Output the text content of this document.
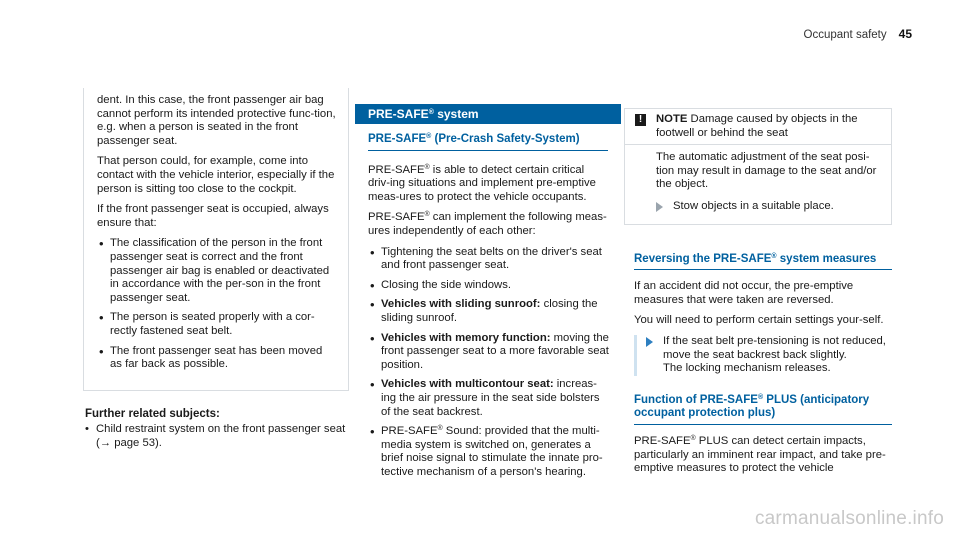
Occupant safety 45

dent. In this case, the front passenger air bag cannot perform its intended protective func-tion, e.g. when a person is seated in the front passenger seat.

That person could, for example, come into contact with the vehicle interior, especially if the person is sitting too close to the cockpit.

If the front passenger seat is occupied, always ensure that:

• The classification of the person in the front passenger seat is correct and the front passenger air bag is enabled or deactivated in accordance with the per-son in the front passenger seat.
• The person is seated properly with a cor-rectly fastened seat belt.
• The front passenger seat has been moved as far back as possible.
Further related subjects:
• Child restraint system on the front passenger seat (→ page 53).
PRE-SAFE® system
PRE-SAFE® (Pre-Crash Safety-System)

PRE-SAFE® is able to detect certain critical driv-ing situations and implement pre-emptive meas-ures to protect the vehicle occupants.

PRE-SAFE® can implement the following meas-ures independently of each other:

• Tightening the seat belts on the driver's seat and front passenger seat.
• Closing the side windows.
• Vehicles with sliding sunroof: closing the sliding sunroof.
• Vehicles with memory function: moving the front passenger seat to a more favorable seat position.
• Vehicles with multicontour seat: increas-ing the air pressure in the seat side bolsters of the seat backrest.
• PRE-SAFE® Sound: provided that the multi-media system is switched on, generates a brief noise signal to stimulate the innate pro-tective mechanism of a person's hearing.
!	NOTE Damage caused by objects in the footwell or behind the seat

The automatic adjustment of the seat posi-tion may result in damage to the seat and/or the object.

Stow objects in a suitable place.
Reversing the PRE-SAFE® system measures

If an accident did not occur, the pre-emptive measures that were taken are reversed.

You will need to perform certain settings your-self.

If the seat belt pre-tensioning is not reduced, move the seat backrest back slightly.
The locking mechanism releases.
Function of PRE-SAFE® PLUS (anticipatory occupant protection plus)

PRE-SAFE® PLUS can detect certain impacts, particularly an imminent rear impact, and take pre-emptive measures to protect the vehicle

carmanualsonline.info
